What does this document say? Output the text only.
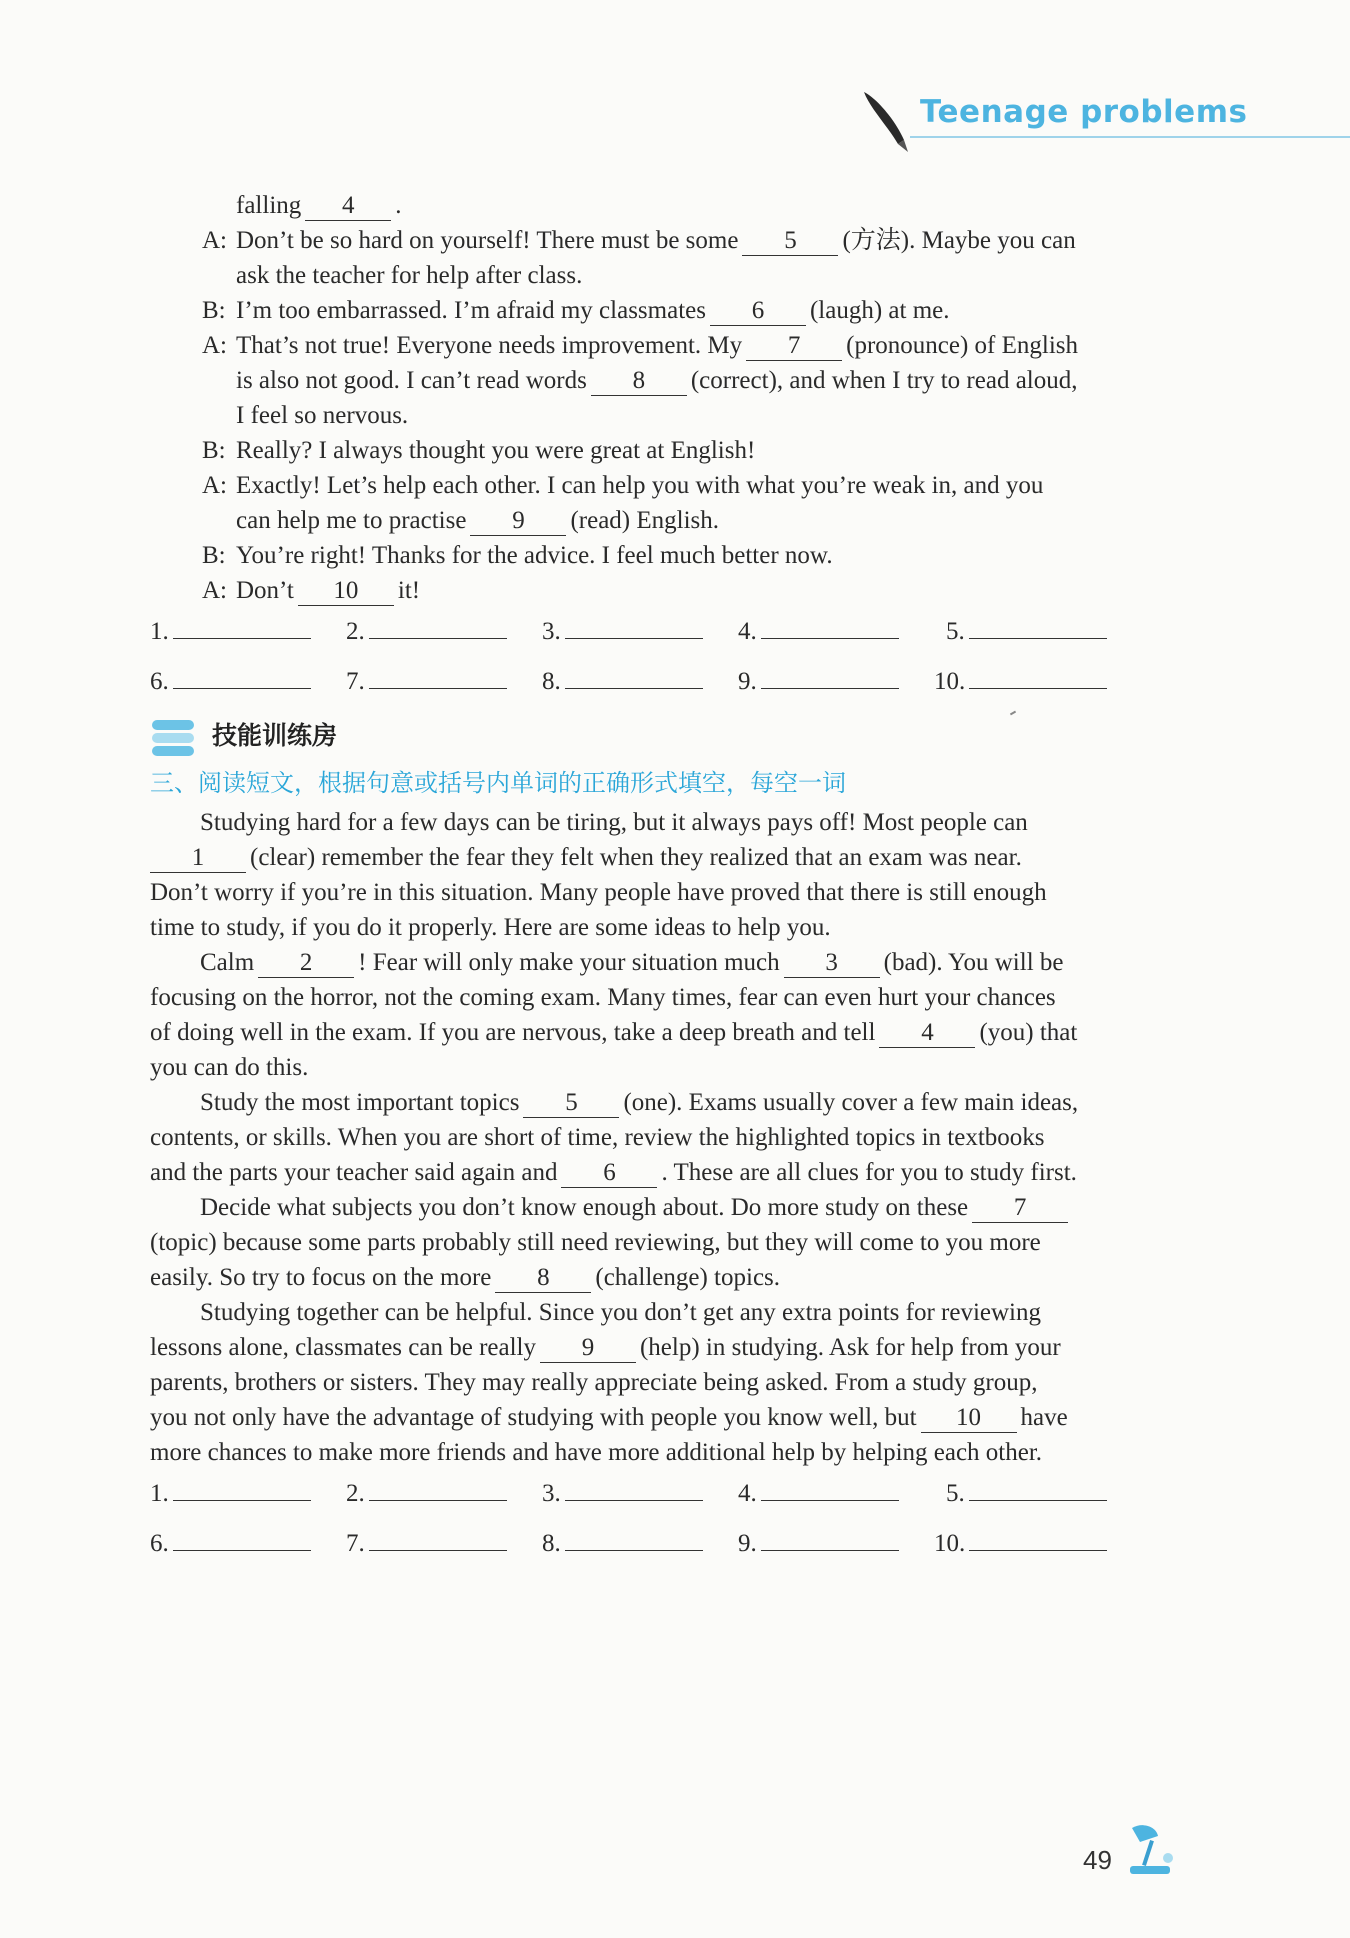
Teenage problems
falling 4 .
A: Don’t be so hard on yourself! There must be some 5 (方法). Maybe you can
ask the teacher for help after class.
B: I’m too embarrassed. I’m afraid my classmates 6 (laugh) at me.
A: That’s not true! Everyone needs improvement. My 7 (pronounce) of English
is also not good. I can’t read words 8 (correct), and when I try to read aloud,
I feel so nervous.
B: Really? I always thought you were great at English!
A: Exactly! Let’s help each other. I can help you with what you’re weak in, and you
can help me to practise 9 (read) English.
B: You’re right! Thanks for the advice. I feel much better now.
A: Don’t 10 it!
1.	2.	3.	4.	5.
6.	7.	8.	9.	10.
技能训练房
三、阅读短文，根据句意或括号内单词的正确形式填空，每空一词
Studying hard for a few days can be tiring, but it always pays off! Most people can
1 (clear) remember the fear they felt when they realized that an exam was near.
Don’t worry if you’re in this situation. Many people have proved that there is still enough
time to study, if you do it properly. Here are some ideas to help you.
Calm 2 ! Fear will only make your situation much 3 (bad). You will be
focusing on the horror, not the coming exam. Many times, fear can even hurt your chances
of doing well in the exam. If you are nervous, take a deep breath and tell 4 (you) that
you can do this.
Study the most important topics 5 (one). Exams usually cover a few main ideas,
contents, or skills. When you are short of time, review the highlighted topics in textbooks
and the parts your teacher said again and 6 . These are all clues for you to study first.
Decide what subjects you don’t know enough about. Do more study on these 7
(topic) because some parts probably still need reviewing, but they will come to you more
easily. So try to focus on the more 8 (challenge) topics.
Studying together can be helpful. Since you don’t get any extra points for reviewing
lessons alone, classmates can be really 9 (help) in studying. Ask for help from your
parents, brothers or sisters. They may really appreciate being asked. From a study group,
you not only have the advantage of studying with people you know well, but 10 have
more chances to make more friends and have more additional help by helping each other.
1.	2.	3.	4.	5.
6.	7.	8.	9.	10.
49
